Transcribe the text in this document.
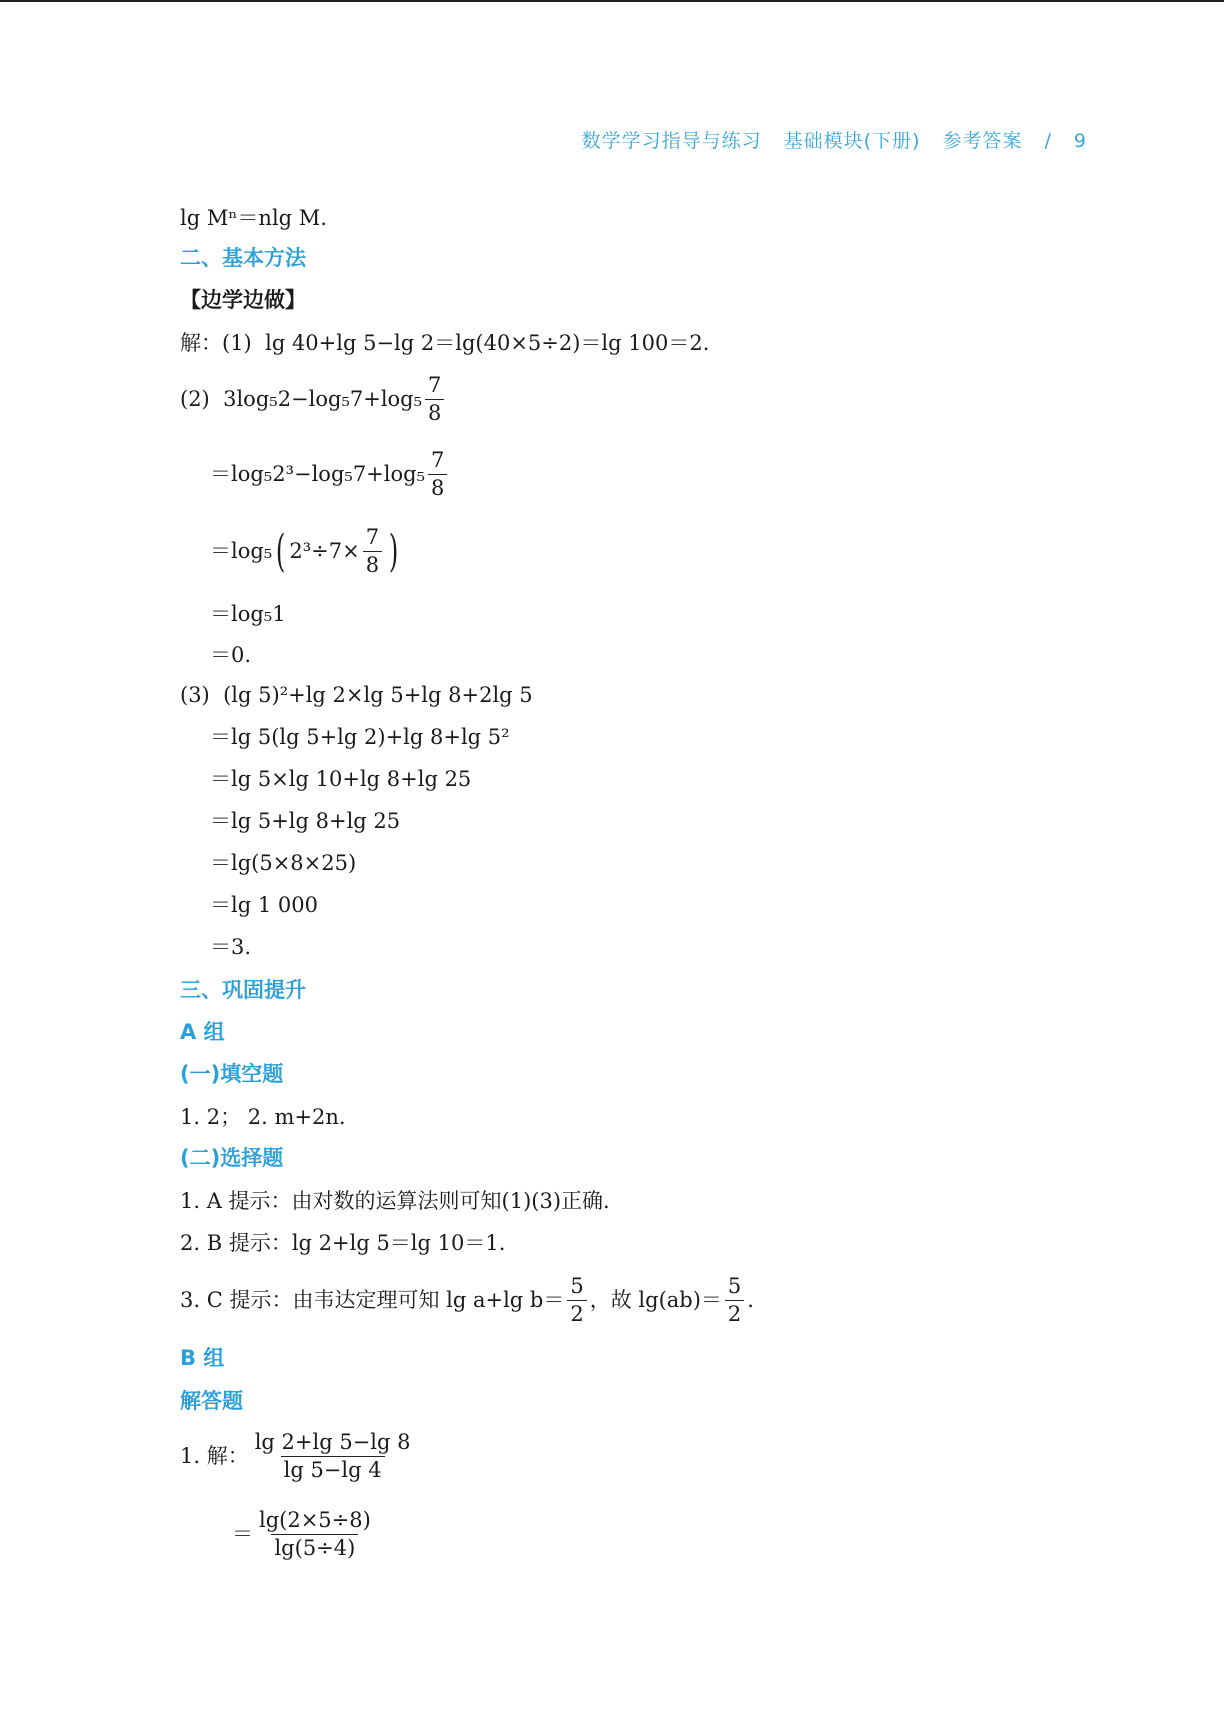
数学学习指导与练习 基础模块(下册) 参考答案 / 9
lg Mⁿ＝nlg M.
二、基本方法
【边学边做】
解：(1)
lg 40+lg 5−lg 2＝lg(40×5÷2)＝lg 100＝2.
(2)
$3\log_52-\log_57+\log_5 \frac{7}{8}$
$=\log_52^3-\log_57+\log_5 \frac{7}{8}$
＝log₅ ( $2^3\div 7\times \frac{7}{8}$ )
＝log₅1
＝0.
(3)
(lg 5)²+lg 2×lg 5+lg 8+2lg 5
＝lg 5(lg 5+lg 2)+lg 8+lg 5²
＝lg 5×lg 10+lg 8+lg 25
＝lg 5+lg 8+lg 25
＝lg(5×8×25)
＝lg 1 000
＝3.
三、巩固提升
A 组
(一)填空题
1. 2； 2. m+2n.
(二)选择题
1. A 提示：由对数的运算法则可知(1)(3)正确.
2. B 提示：lg 2+lg 5＝lg 10＝1.
3. C 提示：由韦达定理可知 lg a+lg $b= \frac{5}{2}$ ，故 $\lg(ab)= \frac{5}{2}$ .
B 组
解答题
1. 解： $\frac{\lg 2+\lg 5-\lg 8}{\lg 5-\lg 4}$
＝ $\frac{\lg(2\times 5\div 8)}{\lg(5\div 4)}$
